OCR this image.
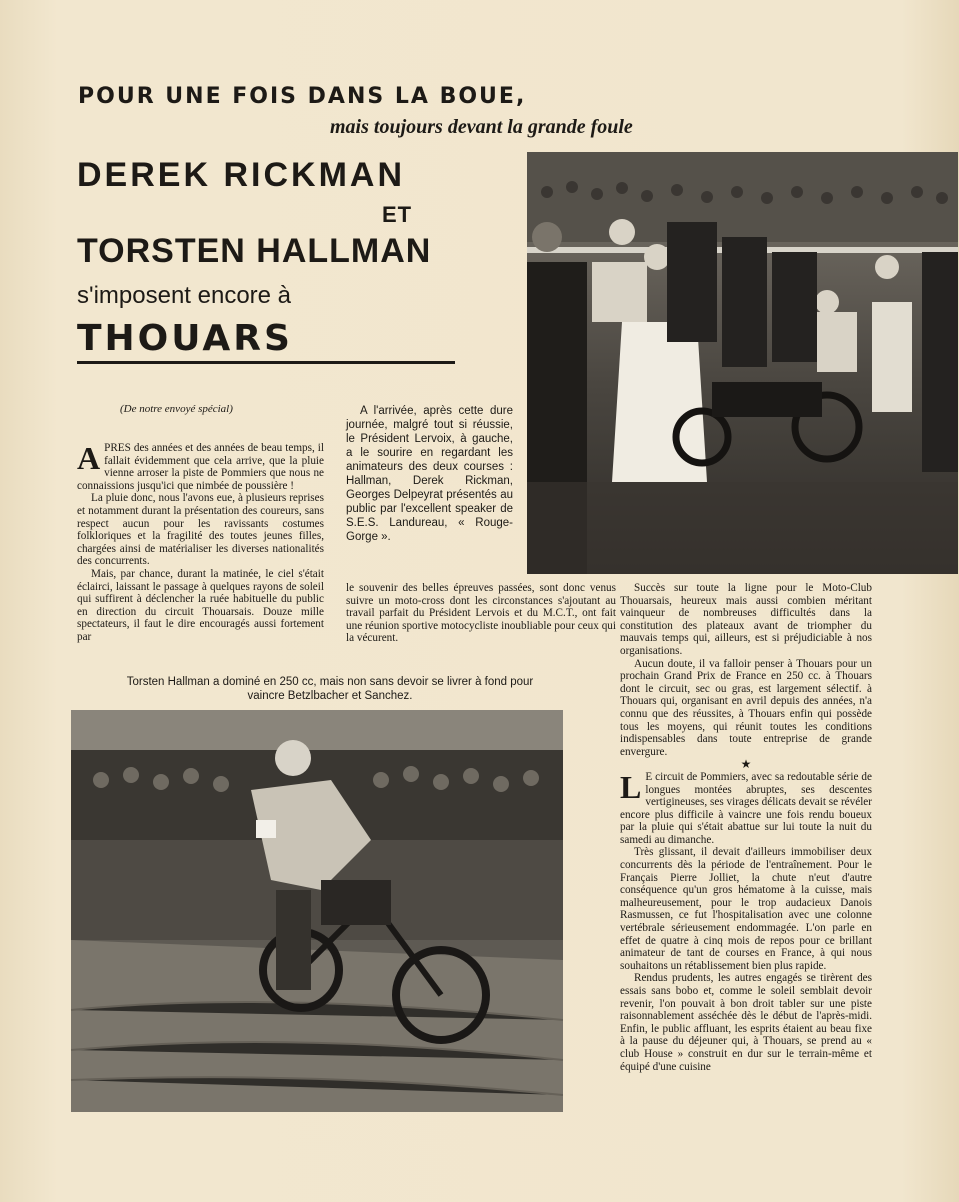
POUR UNE FOIS DANS LA BOUE,
mais toujours devant la grande foule
DEREK RICKMAN
ET
TORSTEN HALLMAN
s'imposent encore à
THOUARS
(De notre envoyé spécial)

APRES des années et des années de beau temps, il fallait évidemment que cela arrive, que la pluie vienne arroser la piste de Pommiers que nous ne connaissions jusqu'ici que nimbée de poussière !

La pluie donc, nous l'avons eue, à plusieurs reprises et notamment durant la présentation des coureurs, sans respect aucun pour les ravissants costumes folkloriques et la fragilité des toutes jeunes filles, chargées ainsi de matérialiser les diverses nationalités des concurrents.

Mais, par chance, durant la matinée, le ciel s'était éclairci, laissant le passage à quelques rayons de soleil qui suffirent à déclencher la ruée habituelle du public en direction du circuit Thouarsais. Douze mille spectateurs, il faut le dire encouragés aussi fortement par

A l'arrivée, après cette dure journée, malgré tout si réussie, le Président Lervoix, à gauche, a le sourire en regardant les animateurs des deux courses : Hallman, Derek Rickman, Georges Delpeyrat présentés au public par l'excellent speaker de S.E.S. Landureau, « Rouge-Gorge ».

le souvenir des belles épreuves passées, sont donc venus suivre un moto-cross dont les circonstances s'ajoutant au travail parfait du Président Lervois et du M.C.T., ont fait une réunion sportive motocycliste inoubliable pour ceux qui la vécurent.

Succès sur toute la ligne pour le Moto-Club Thouarsais, heureux mais aussi combien méritant vainqueur de nombreuses difficultés dans la constitution des plateaux avant de triompher du mauvais temps qui, ailleurs, est si préjudiciable à nos organisations.

Aucun doute, il va falloir penser à Thouars pour un prochain Grand Prix de France en 250 cc. à Thouars dont le circuit, sec ou gras, est largement sélectif. à Thouars qui, organisant en avril depuis des années, n'a connu que des réussites, à Thouars enfin qui possède tous les moyens, qui réunit toutes les conditions indispensables dans toute entreprise de grande envergure.

★

L E circuit de Pommiers, avec sa redoutable série de longues montées abruptes, ses descentes vertigineuses, ses virages délicats devait se révéler encore plus difficile à vaincre une fois rendu boueux par la pluie qui s'était abattue sur lui toute la nuit du samedi au dimanche.

Très glissant, il devait d'ailleurs immobiliser deux concurrents dès la période de l'entraînement. Pour le Français Pierre Jolliet, la chute n'eut d'autre conséquence qu'un gros hématome à la cuisse, mais malheureusement, pour le trop audacieux Danois Rasmussen, ce fut l'hospitalisation avec une colonne vertébrale sérieusement endommagée. L'on parle en effet de quatre à cinq mois de repos pour ce brillant animateur de tant de courses en France, à qui nous souhaitons un rétablissement bien plus rapide.

Rendus prudents, les autres engagés se tirèrent des essais sans bobo et, comme le soleil semblait devoir revenir, l'on pouvait à bon droit tabler sur une piste raisonnablement asséchée dès le début de l'après-midi. Enfin, le public affluant, les esprits étaient au beau fixe à la pause du déjeuner qui, à Thouars, se prend au « club House » construit en dur sur le terrain-même et équipé d'une cuisine

Torsten Hallman a dominé en 250 cc, mais non sans devoir se livrer à fond pour vaincre Betzlbacher et Sanchez.
